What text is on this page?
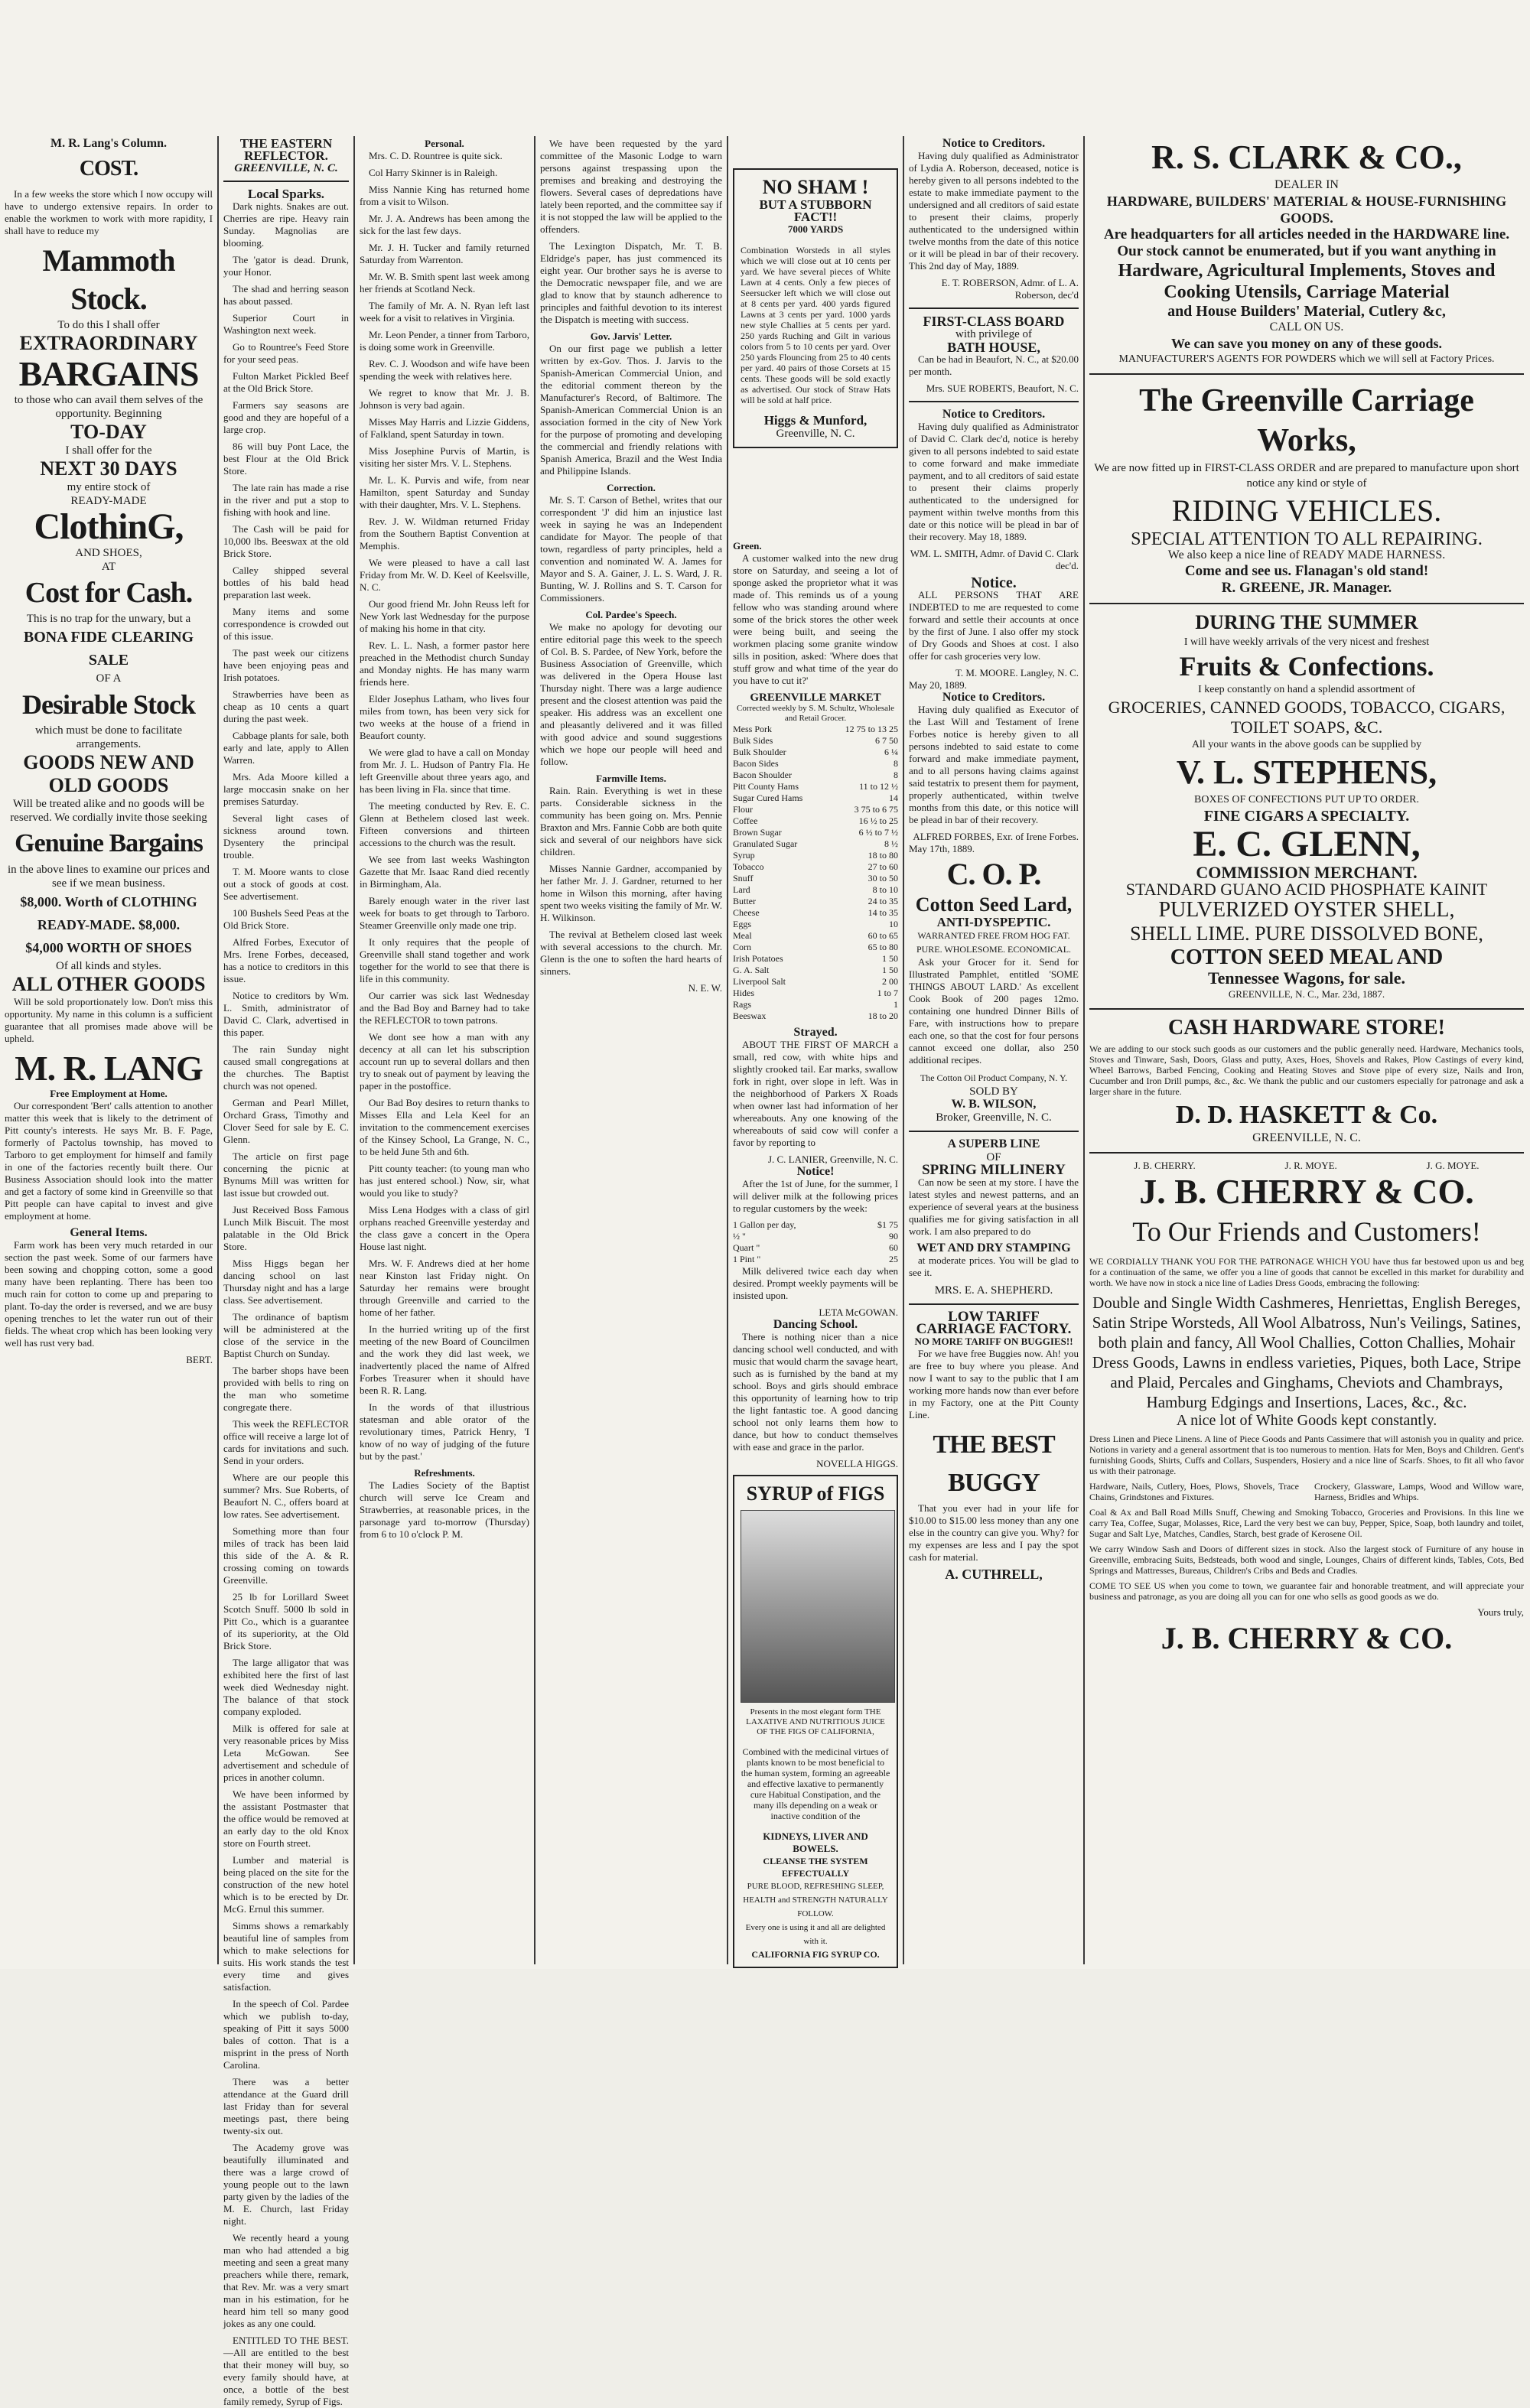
M. R. Lang's Column.
COST.

In a few weeks the store which I now occupy will have to undergo extensive repairs. In order to enable the workmen to work with more rapidity, I shall have to reduce my

Mammoth Stock.
To do this I shall offer
EXTRAORDINARY
BARGAINS
to those who can avail them selves of the opportunity. Beginning
TO-DAY
I shall offer for the
NEXT 30 DAYS
my entire stock of
READY-MADE
ClothinG,
AND SHOES,
AT
Cost for Cash.
This is no trap for the unwary, but a
BONA FIDE CLEARING SALE
OF A
Desirable Stock
which must be done to facilitate arrangements.
GOODS NEW AND OLD GOODS
Will be treated alike and no goods will be reserved. We cordially invite those seeking
Genuine Bargains
in the above lines to examine our prices and see if we mean business.
$8,000. Worth of CLOTHING READY-MADE. $8,000.
$4,000 WORTH OF SHOES
Of all kinds and styles.
ALL OTHER GOODS

Will be sold proportionately low. Don't miss this opportunity. My name in this column is a sufficient guarantee that all promises made above will be upheld.

M. R. LANG
Free Employment at Home.

Our correspondent 'Bert' calls attention to another matter this week that is likely to the detriment of Pitt county's interests. He says Mr. B. F. Page, formerly of Pactolus township, has moved to Tarboro to get employment for himself and family in one of the factories recently built there. Our Business Association should look into the matter and get a factory of some kind in Greenville so that Pitt people can have capital to invest and give employment at home.

General Items.

Farm work has been very much retarded in our section the past week. Some of our farmers have been sowing and chopping cotton, some a good many have been replanting. There has been too much rain for cotton to come up and preparing to plant. To-day the order is reversed, and we are busy opening trenches to let the water run out of their fields. The wheat crop which has been looking very well has rust very bad.

BERT.
THE EASTERN REFLECTOR.
GREENVILLE, N. C.
Local Sparks.

Dark nights. Snakes are out. Cherries are ripe. Heavy rain Sunday. Magnolias are blooming.

The 'gator is dead. Drunk, your Honor.

The shad and herring season has about passed.

Superior Court in Washington next week.

Go to Rountree's Feed Store for your seed peas.

Fulton Market Pickled Beef at the Old Brick Store.

Farmers say seasons are good and they are hopeful of a large crop.

86 will buy Pont Lace, the best Flour at the Old Brick Store.

The late rain has made a rise in the river and put a stop to fishing with hook and line.

The Cash will be paid for 10,000 lbs. Beeswax at the old Brick Store.

Calley shipped several bottles of his bald head preparation last week.

Many items and some correspondence is crowded out of this issue.

The past week our citizens have been enjoying peas and Irish potatoes.

Strawberries have been as cheap as 10 cents a quart during the past week.

Cabbage plants for sale, both early and late, apply to Allen Warren.

Mrs. Ada Moore killed a large moccasin snake on her premises Saturday.

Several light cases of sickness around town. Dysentery the principal trouble.

T. M. Moore wants to close out a stock of goods at cost. See advertisement.

100 Bushels Seed Peas at the Old Brick Store.

Alfred Forbes, Executor of Mrs. Irene Forbes, deceased, has a notice to creditors in this issue.

Notice to creditors by Wm. L. Smith, administrator of David C. Clark, advertised in this paper.

The rain Sunday night caused small congregations at the churches. The Baptist church was not opened.

German and Pearl Millet, Orchard Grass, Timothy and Clover Seed for sale by E. C. Glenn.

The article on first page concerning the picnic at Bynums Mill was written for last issue but crowded out.

Just Received Boss Famous Lunch Milk Biscuit. The most palatable in the Old Brick Store.

Miss Higgs began her dancing school on last Thursday night and has a large class. See advertisement.

The ordinance of baptism will be administered at the close of the service in the Baptist Church on Sunday.

The barber shops have been provided with bells to ring on the man who sometime congregate there.

This week the REFLECTOR office will receive a large lot of cards for invitations and such. Send in your orders.

Where are our people this summer? Mrs. Sue Roberts, of Beaufort N. C., offers board at low rates. See advertisement.

Something more than four miles of track has been laid this side of the A. & R. crossing coming on towards Greenville.

25 lb for Lorillard Sweet Scotch Snuff. 5000 lb sold in Pitt Co., which is a guarantee of its superiority, at the Old Brick Store.

The large alligator that was exhibited here the first of last week died Wednesday night. The balance of that stock company exploded.

Milk is offered for sale at very reasonable prices by Miss Leta McGowan. See advertisement and schedule of prices in another column.

We have been informed by the assistant Postmaster that the office would be removed at an early day to the old Knox store on Fourth street.

Lumber and material is being placed on the site for the construction of the new hotel which is to be erected by Dr. McG. Ernul this summer.

Simms shows a remarkably beautiful line of samples from which to make selections for suits. His work stands the test every time and gives satisfaction.

In the speech of Col. Pardee which we publish to-day, speaking of Pitt it says 5000 bales of cotton. That is a misprint in the press of North Carolina.

There was a better attendance at the Guard drill last Friday than for several meetings past, there being twenty-six out.

The Academy grove was beautifully illuminated and there was a large crowd of young people out to the lawn party given by the ladies of the M. E. Church, last Friday night.

We recently heard a young man who had attended a big meeting and seen a great many preachers while there, remark, that Rev. Mr. was a very smart man in his estimation, for he heard him tell so many good jokes as any one could.

ENTITLED TO THE BEST.—All are entitled to the best that their money will buy, so every family should have, at once, a bottle of the best family remedy, Syrup of Figs.

Personal.

Mrs. C. D. Rountree is quite sick.

Col Harry Skinner is in Raleigh.

Miss Nannie King has returned home from a visit to Wilson.

Mr. J. A. Andrews has been among the sick for the last few days.

Mr. J. H. Tucker and family returned Saturday from Warrenton.

Mr. W. B. Smith spent last week among her friends at Scotland Neck.

The family of Mr. A. N. Ryan left last week for a visit to relatives in Virginia.

Mr. Leon Pender, a tinner from Tarboro, is doing some work in Greenville.

Rev. C. J. Woodson and wife have been spending the week with relatives here.

We regret to know that Mr. J. B. Johnson is very bad again.

Misses May Harris and Lizzie Giddens, of Falkland, spent Saturday in town.

Miss Josephine Purvis of Martin, is visiting her sister Mrs. V. L. Stephens.

Mr. L. K. Purvis and wife, from near Hamilton, spent Saturday and Sunday with their daughter, Mrs. V. L. Stephens.

Rev. J. W. Wildman returned Friday from the Southern Baptist Convention at Memphis.

We were pleased to have a call last Friday from Mr. W. D. Keel of Keelsville, N. C.

Our good friend Mr. John Reuss left for New York last Wednesday for the purpose of making his home in that city.

Rev. L. L. Nash, a former pastor here preached in the Methodist church Sunday and Monday nights. He has many warm friends here.

Elder Josephus Latham, who lives four miles from town, has been very sick for two weeks at the house of a friend in Beaufort county.

We were glad to have a call on Monday from Mr. J. L. Hudson of Pantry Fla. He left Greenville about three years ago, and has been living in Fla. since that time.

The meeting conducted by Rev. E. C. Glenn at Bethelem closed last week. Fifteen conversions and thirteen accessions to the church was the result.

We see from last weeks Washington Gazette that Mr. Isaac Rand died recently in Birmingham, Ala.

Barely enough water in the river last week for boats to get through to Tarboro. Steamer Greenville only made one trip.

It only requires that the people of Greenville shall stand together and work together for the world to see that there is life in this community.

Our carrier was sick last Wednesday and the Bad Boy and Barney had to take the REFLECTOR to town patrons.

We dont see how a man with any decency at all can let his subscription account run up to several dollars and then try to sneak out of payment by leaving the paper in the postoffice.

Our Bad Boy desires to return thanks to Misses Ella and Lela Keel for an invitation to the commencement exercises of the Kinsey School, La Grange, N. C., to be held June 5th and 6th.

Pitt county teacher: (to young man who has just entered school.) Now, sir, what would you like to study?

Miss Lena Hodges with a class of girl orphans reached Greenville yesterday and the class gave a concert in the Opera House last night.

Mrs. W. F. Andrews died at her home near Kinston last Friday night. On Saturday her remains were brought through Greenville and carried to the home of her father.

In the hurried writing up of the first meeting of the new Board of Councilmen and the work they did last week, we inadvertently placed the name of Alfred Forbes Treasurer when it should have been R. R. Lang.

In the words of that illustrious statesman and able orator of the revolutionary times, Patrick Henry, 'I know of no way of judging of the future but by the past.'

Refreshments.

The Ladies Society of the Baptist church will serve Ice Cream and Strawberries, at reasonable prices, in the parsonage yard to-morrow (Thursday) from 6 to 10 o'clock P. M.

We have been requested by the yard committee of the Masonic Lodge to warn persons against trespassing upon the premises and breaking and destroying the flowers. Several cases of depredations have lately been reported, and the committee say if it is not stopped the law will be applied to the offenders.

The Lexington Dispatch, Mr. T. B. Eldridge's paper, has just commenced its eight year. Our brother says he is averse to the Democratic newspaper file, and we are glad to know that by staunch adherence to principles and faithful devotion to its interest the Dispatch is meeting with success.

Gov. Jarvis' Letter.

On our first page we publish a letter written by ex-Gov. Thos. J. Jarvis to the Spanish-American Commercial Union, and the editorial comment thereon by the Manufacturer's Record, of Baltimore. The Spanish-American Commercial Union is an association formed in the city of New York for the purpose of promoting and developing the commercial and friendly relations with Spanish America, Brazil and the West India and Philippine Islands.

Correction.

Mr. S. T. Carson of Bethel, writes that our correspondent 'J' did him an injustice last week in saying he was an Independent candidate for Mayor. The people of that town, regardless of party principles, held a convention and nominated W. A. James for Mayor and S. A. Gainer, J. L. S. Ward, J. R. Bunting, W. J. Rollins and S. T. Carson for Commissioners.

Col. Pardee's Speech.

We make no apology for devoting our entire editorial page this week to the speech of Col. B. S. Pardee, of New York, before the Business Association of Greenville, which was delivered in the Opera House last Thursday night. There was a large audience present and the closest attention was paid the speaker. His address was an excellent one and pleasantly delivered and it was filled with good advice and sound suggestions which we hope our people will heed and follow.

Farmville Items.

Rain. Rain. Everything is wet in these parts. Considerable sickness in the community has been going on. Mrs. Pennie Braxton and Mrs. Fannie Cobb are both quite sick and several of our neighbors have sick children.

Misses Nannie Gardner, accompanied by her father Mr. J. J. Gardner, returned to her home in Wilson this morning, after having spent two weeks visiting the family of Mr. W. H. Wilkinson.

The revival at Bethelem closed last week with several accessions to the church. Mr. Glenn is the one to soften the hard hearts of sinners.

N. E. W.
NO SHAM !
BUT A STUBBORN FACT!!
7000 YARDS

Combination Worsteds in all styles which we will close out at 10 cents per yard. We have several pieces of White Lawn at 4 cents. Only a few pieces of Seersucker left which we will close out at 8 cents per yard. 400 yards figured Lawns at 3 cents per yard. 1000 yards new style Challies at 5 cents per yard. 250 yards Ruching and Gilt in various colors from 5 to 10 cents per yard. Over 250 yards Flouncing from 25 to 40 cents per yard. 40 pairs of those Corsets at 15 cents. These goods will be sold exactly as advertised. Our stock of Straw Hats will be sold at half price.

Higgs & Munford,
Greenville, N. C.
Green.

A customer walked into the new drug store on Saturday, and seeing a lot of sponge asked the proprietor what it was made of. This reminds us of a young fellow who was standing around where some of the brick stores the other week were being built, and seeing the workmen placing some granite window sills in position, asked: 'Where does that stuff grow and what time of the year do you have to cut it?'

GREENVILLE MARKET
Corrected weekly by S. M. Schultz, Wholesale and Retail Grocer.
Mess Pork	12 75 to 13 25
Bulk Sides	6 7 50
Bulk Shoulder	6 ¼
Bacon Sides	8
Bacon Shoulder	8
Pitt County Hams	11 to 12 ½
Sugar Cured Hams	14
Flour	3 75 to 6 75
Coffee	16 ½ to 25
Brown Sugar	6 ½ to 7 ½
Granulated Sugar	8 ½
Syrup	18 to 80
Tobacco	27 to 60
Snuff	30 to 50
Lard	8 to 10
Butter	24 to 35
Cheese	14 to 35
Eggs	10
Meal	60 to 65
Corn	65 to 80
Irish Potatoes	1 50
G. A. Salt	1 50
Liverpool Salt	2 00
Hides	1 to 7
Rags	1
Beeswax	18 to 20
Strayed.

ABOUT THE FIRST OF MARCH a small, red cow, with white hips and slightly crooked tail. Ear marks, swallow fork in right, over slope in left. Was in the neighborhood of Parkers X Roads when owner last had information of her whereabouts. Any one knowing of the whereabouts of said cow will confer a favor by reporting to

J. C. LANIER, Greenville, N. C.
Notice!

After the 1st of June, for the summer, I will deliver milk at the following prices to regular customers by the week:

1 Gallon per day,	$1 75
½ "	90
Quart "	60
1 Pint "	25

Milk delivered twice each day when desired. Prompt weekly payments will be insisted upon.

LETA McGOWAN.
Dancing School.

There is nothing nicer than a nice dancing school well conducted, and with music that would charm the savage heart, such as is furnished by the band at my school. Boys and girls should embrace this opportunity of learning how to trip the light fantastic toe. A good dancing school not only learns them how to dance, but how to conduct themselves with ease and grace in the parlor.

NOVELLA HIGGS.
SYRUP of FIGS
Presents in the most elegant form THE LAXATIVE AND NUTRITIOUS JUICE OF THE FIGS OF CALIFORNIA,

Combined with the medicinal virtues of plants known to be most beneficial to the human system, forming an agreeable and effective laxative to permanently cure Habitual Constipation, and the many ills depending on a weak or inactive condition of the

KIDNEYS, LIVER AND BOWELS.
CLEANSE THE SYSTEM EFFECTUALLY
PURE BLOOD, REFRESHING SLEEP, HEALTH and STRENGTH NATURALLY FOLLOW.
Every one is using it and all are delighted with it.
CALIFORNIA FIG SYRUP CO.
Notice to Creditors.

Having duly qualified as Administrator of Lydia A. Roberson, deceased, notice is hereby given to all persons indebted to the estate to make immediate payment to the undersigned and all creditors of said estate to present their claims, properly authenticated to the undersigned within twelve months from the date of this notice or it will be plead in bar of their recovery. This 2nd day of May, 1889.

E. T. ROBERSON, Admr. of L. A. Roberson, dec'd
FIRST-CLASS BOARD
with privilege of
BATH HOUSE,

Can be had in Beaufort, N. C., at $20.00 per month.

Mrs. SUE ROBERTS, Beaufort, N. C.
Notice to Creditors.

Having duly qualified as Administrator of David C. Clark dec'd, notice is hereby given to all persons indebted to said estate to come forward and make immediate payment, and to all creditors of said estate to present their claims properly authenticated to the undersigned for payment within twelve months from this date or this notice will be plead in bar of their recovery. May 18, 1889.

WM. L. SMITH, Admr. of David C. Clark dec'd.
Notice.

ALL PERSONS THAT ARE INDEBTED to me are requested to come forward and settle their accounts at once by the first of June. I also offer my stock of Dry Goods and Shoes at cost. I also offer for cash groceries very low.

T. M. MOORE. Langley, N. C.
May 20, 1889.
Notice to Creditors.

Having duly qualified as Executor of the Last Will and Testament of Irene Forbes notice is hereby given to all persons indebted to said estate to come forward and make immediate payment, and to all persons having claims against said testatrix to present them for payment, properly authenticated, within twelve months from this date, or this notice will be plead in bar of their recovery.

ALFRED FORBES, Exr. of Irene Forbes.
May 17th, 1889.
C. O. P.
Cotton Seed Lard,
ANTI-DYSPEPTIC.
WARRANTED FREE FROM HOG FAT. PURE. WHOLESOME. ECONOMICAL.

Ask your Grocer for it. Send for Illustrated Pamphlet, entitled 'SOME THINGS ABOUT LARD.' As excellent Cook Book of 200 pages 12mo. containing one hundred Dinner Bills of Fare, with instructions how to prepare each one, so that the cost for four persons cannot exceed one dollar, also 250 additional recipes.

The Cotton Oil Product Company, N. Y.
SOLD BY
W. B. WILSON,
Broker, Greenville, N. C.
A SUPERB LINE
OF
SPRING MILLINERY

Can now be seen at my store. I have the latest styles and newest patterns, and an experience of several years at the business qualifies me for giving satisfaction in all work. I am also prepared to do

WET AND DRY STAMPING

at moderate prices. You will be glad to see it.

MRS. E. A. SHEPHERD.
LOW TARIFF CARRIAGE FACTORY.
NO MORE TARIFF ON BUGGIES!!

For we have free Buggies now. Ah! you are free to buy where you please. And now I want to say to the public that I am working more hands now than ever before in my Factory, one at the Pitt County Line.

THE BEST BUGGY

That you ever had in your life for $10.00 to $15.00 less money than any one else in the country can give you. Why? for my expenses are less and I pay the spot cash for material.

A. CUTHRELL,
R. S. CLARK & CO.,
DEALER IN
HARDWARE, BUILDERS' MATERIAL & HOUSE-FURNISHING GOODS.
Are headquarters for all articles needed in the HARDWARE line. Our stock cannot be enumerated, but if you want anything in
Hardware, Agricultural Implements, Stoves and Cooking Utensils, Carriage Material
and House Builders' Material, Cutlery &c,
CALL ON US.
We can save you money on any of these goods.
MANUFACTURER'S AGENTS FOR POWDERS which we will sell at Factory Prices.
The Greenville Carriage Works,
We are now fitted up in FIRST-CLASS ORDER and are prepared to manufacture upon short notice any kind or style of
RIDING VEHICLES.
SPECIAL ATTENTION TO ALL REPAIRING.
We also keep a nice line of READY MADE HARNESS.
Come and see us. Flanagan's old stand!
R. GREENE, JR. Manager.
DURING THE SUMMER
I will have weekly arrivals of the very nicest and freshest
Fruits & Confections.
I keep constantly on hand a splendid assortment of
GROCERIES, CANNED GOODS, TOBACCO, CIGARS, TOILET SOAPS, &C.
All your wants in the above goods can be supplied by
V. L. STEPHENS,
BOXES OF CONFECTIONS PUT UP TO ORDER.
FINE CIGARS A SPECIALTY.
E. C. GLENN,
COMMISSION MERCHANT.
STANDARD GUANO ACID PHOSPHATE KAINIT
PULVERIZED OYSTER SHELL,
SHELL LIME. PURE DISSOLVED BONE,
COTTON SEED MEAL AND
Tennessee Wagons, for sale.
GREENVILLE, N. C., Mar. 23d, 1887.
CASH HARDWARE STORE!

We are adding to our stock such goods as our customers and the public generally need. Hardware, Mechanics tools, Stoves and Tinware, Sash, Doors, Glass and putty, Axes, Hoes, Shovels and Rakes, Plow Castings of every kind, Wheel Barrows, Barbed Fencing, Cooking and Heating Stoves and Stove pipe of every size, Nails and Iron, Cucumber and Iron Drill pumps, &c., &c. We thank the public and our customers especially for patronage and ask a larger share in the future.

D. D. HASKETT & Co.
GREENVILLE, N. C.
J. B. CHERRY.	J. R. MOYE.	J. G. MOYE.
J. B. CHERRY & CO.
To Our Friends and Customers!

WE CORDIALLY THANK YOU FOR THE PATRONAGE WHICH YOU have thus far bestowed upon us and beg for a continuation of the same, we offer you a line of goods that cannot be excelled in this market for durability and worth. We have now in stock a nice line of Ladies Dress Goods, embracing the following:

Double and Single Width Cashmeres, Henriettas, English Bereges, Satin Stripe Worsteds, All Wool Albatross, Nun's Veilings, Satines, both plain and fancy, All Wool Challies, Cotton Challies, Mohair Dress Goods, Lawns in endless varieties, Piques, both Lace, Stripe and Plaid, Percales and Ginghams, Cheviots and Chambrays, Hamburg Edgings and Insertions, Laces, &c., &c.
A nice lot of White Goods kept constantly.

Dress Linen and Piece Linens. A line of Piece Goods and Pants Cassimere that will astonish you in quality and price. Notions in variety and a general assortment that is too numerous to mention. Hats for Men, Boys and Children. Gent's furnishing Goods, Shirts, Cuffs and Collars, Suspenders, Hosiery and a nice line of Scarfs. Shoes, to fit all who favor us with their patronage.

Hardware, Nails, Cutlery, Hoes, Plows, Shovels, Trace Chains, Grindstones and Fixtures.
Crockery, Glassware, Lamps, Wood and Willow ware, Harness, Bridles and Whips.

Coal & Ax and Ball Road Mills Snuff, Chewing and Smoking Tobacco, Groceries and Provisions. In this line we carry Tea, Coffee, Sugar, Molasses, Rice, Lard the very best we can buy, Pepper, Spice, Soap, both laundry and toilet, Sugar and Salt Lye, Matches, Candles, Starch, best grade of Kerosene Oil.

We carry Window Sash and Doors of different sizes in stock. Also the largest stock of Furniture of any house in Greenville, embracing Suits, Bedsteads, both wood and single, Lounges, Chairs of different kinds, Tables, Cots, Bed Springs and Mattresses, Bureaus, Children's Cribs and Beds and Cradles.

COME TO SEE US when you come to town, we guarantee fair and honorable treatment, and will appreciate your business and patronage, as you are doing all you can for one who sells as good goods as we do.

Yours truly,
J. B. CHERRY & CO.
